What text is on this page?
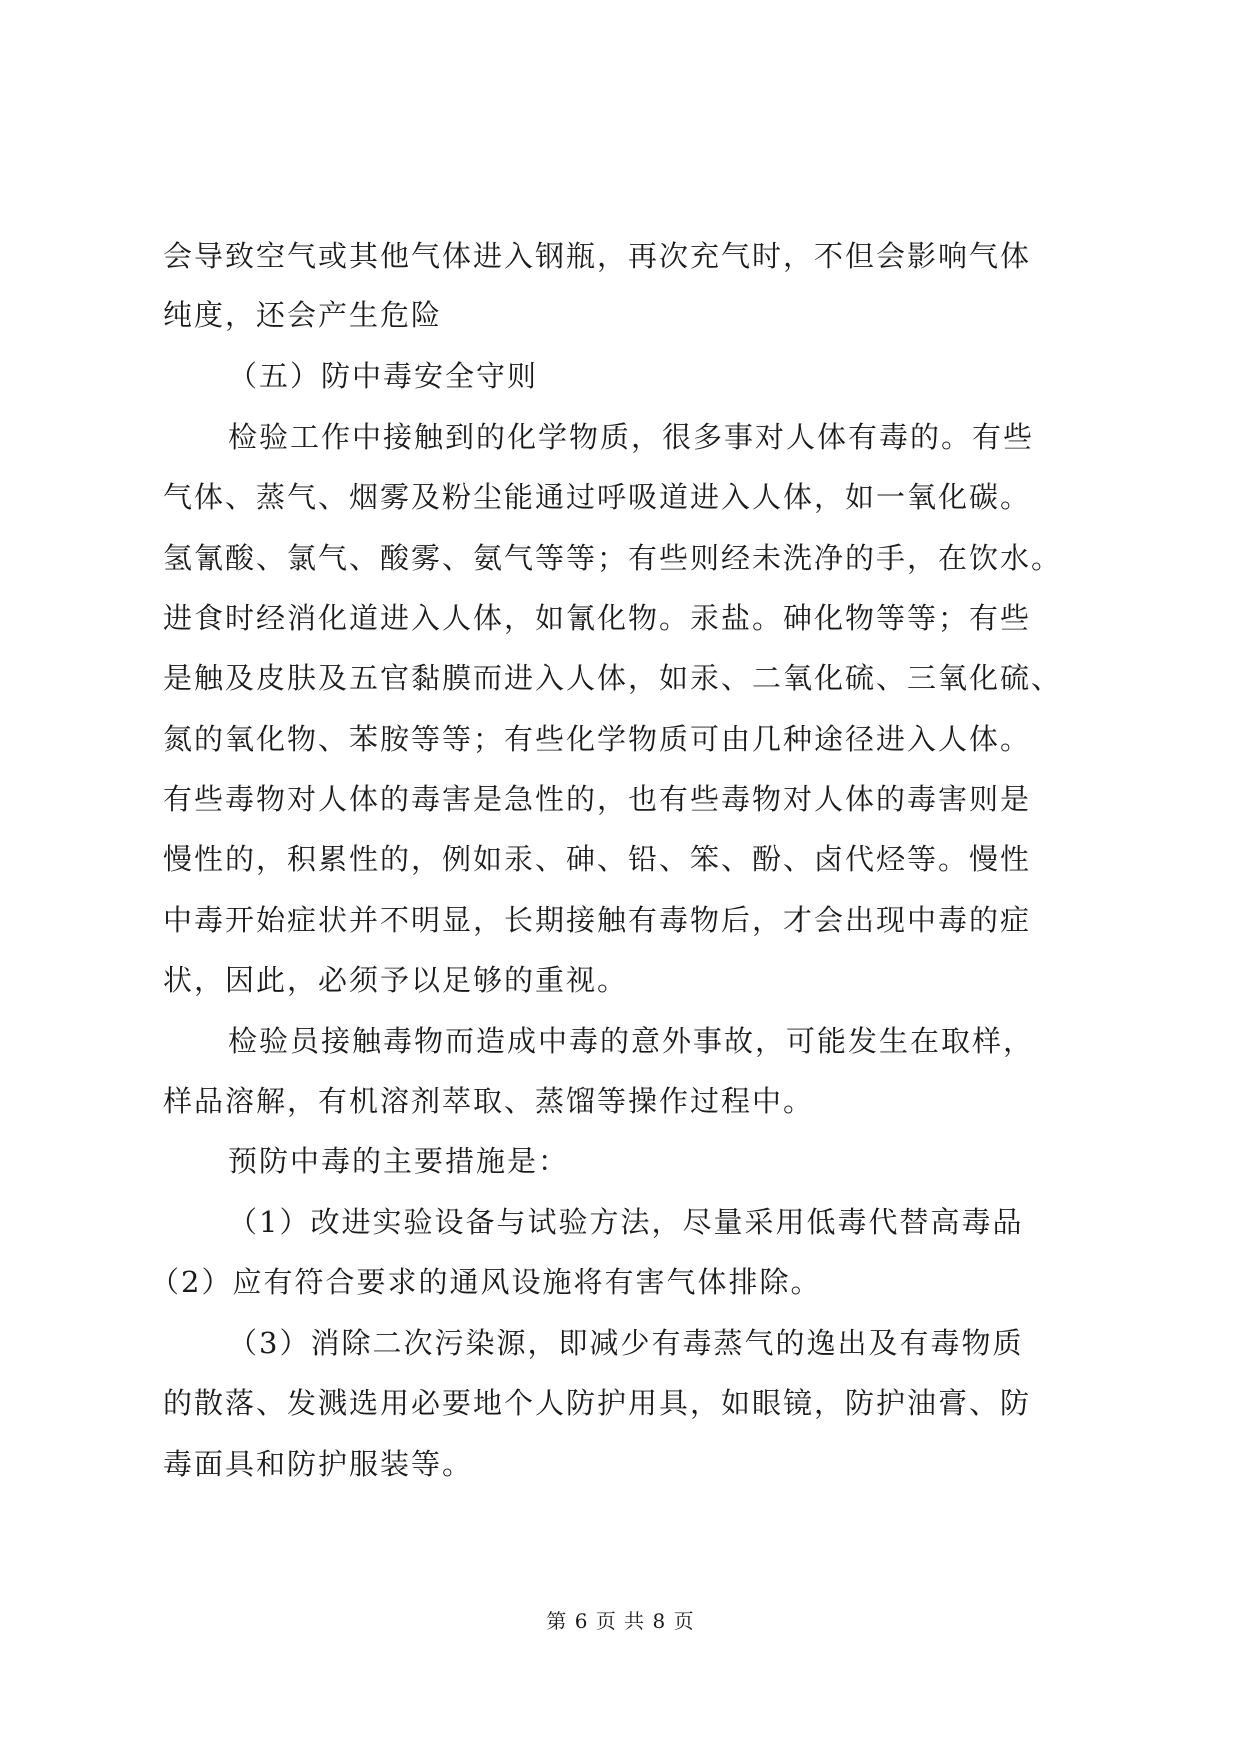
会导致空气或其他气体进入钢瓶，再次充气时，不但会影响气体
纯度，还会产生危险
（五）防中毒安全守则
检验工作中接触到的化学物质，很多事对人体有毒的。有些
气体、蒸气、烟雾及粉尘能通过呼吸道进入人体，如一氧化碳。
氢氰酸、氯气、酸雾、氨气等等；有些则经未洗净的手，在饮水。
进食时经消化道进入人体，如氰化物。汞盐。砷化物等等；有些
是触及皮肤及五官黏膜而进入人体，如汞、二氧化硫、三氧化硫、
氮的氧化物、苯胺等等；有些化学物质可由几种途径进入人体。
有些毒物对人体的毒害是急性的，也有些毒物对人体的毒害则是
慢性的，积累性的，例如汞、砷、铅、笨、酚、卤代烃等。慢性
中毒开始症状并不明显，长期接触有毒物后，才会出现中毒的症
状，因此，必须予以足够的重视。
检验员接触毒物而造成中毒的意外事故，可能发生在取样，
样品溶解，有机溶剂萃取、蒸馏等操作过程中。
预防中毒的主要措施是：
（1）改进实验设备与试验方法，尽量采用低毒代替高毒品
（2）应有符合要求的通风设施将有害气体排除。
（3）消除二次污染源，即减少有毒蒸气的逸出及有毒物质
的散落、发溅选用必要地个人防护用具，如眼镜，防护油膏、防
毒面具和防护服装等。
第 6 页 共 8 页
